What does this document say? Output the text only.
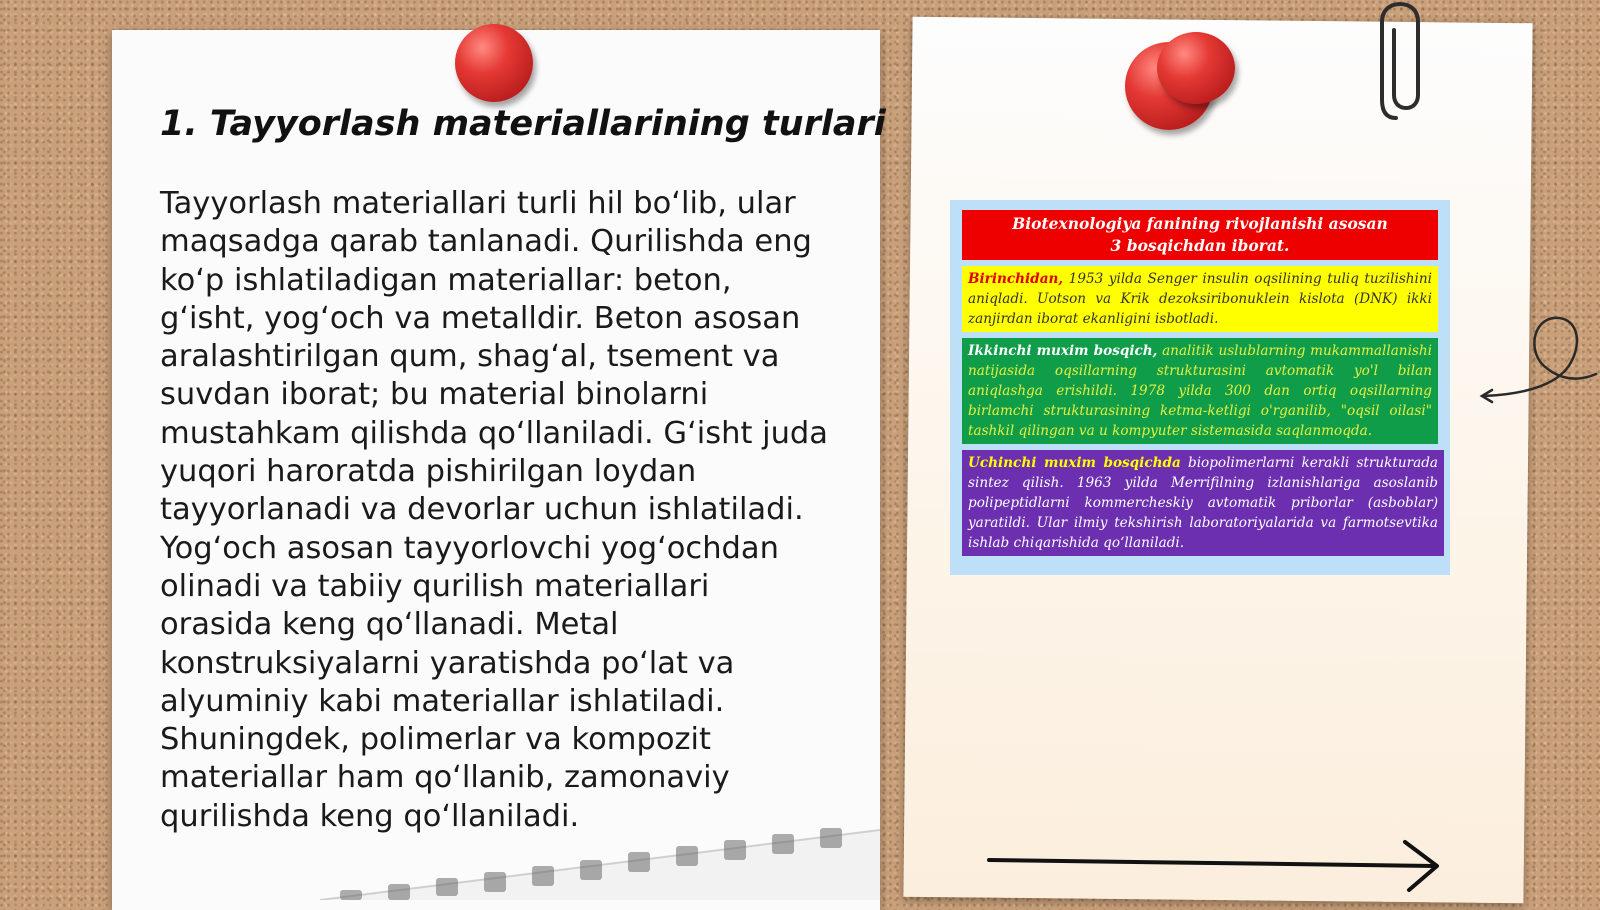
1. Tayyorlash materiallarining turlari

Tayyorlash materiallari turli hil bo‘lib, ular maqsadga qarab tanlanadi. Qurilishda eng ko‘p ishlatiladigan materiallar: beton, g‘isht, yog‘och va metalldir. Beton asosan aralashtirilgan qum, shag‘al, tsement va suvdan iborat; bu material binolarni mustahkam qilishda qo‘llaniladi. G‘isht juda yuqori haroratda pishirilgan loydan tayyorlanadi va devorlar uchun ishlatiladi. Yog‘och asosan tayyorlovchi yog‘ochdan olinadi va tabiiy qurilish materiallari orasida keng qo‘llanadi. Metal konstruksiyalarni yaratishda po‘lat va alyuminiy kabi materiallar ishlatiladi. Shuningdek, polimerlar va kompozit materiallar ham qo‘llanib, zamonaviy qurilishda keng qo‘llaniladi.

Biotexnologiya fanining rivojlanishi asosan
3 bosqichdan iborat.
Birinchidan, 1953 yilda Senger insulin oqsilining tuliq tuzilishini aniqladi. Uotson va Krik dezoksiribonuklein kislota (DNK) ikki zanjirdan iborat ekanligini isbotladi.
Ikkinchi muxim bosqich, analitik uslublarning mukammallanishi natijasida oqsillarning strukturasini avtomatik yo'l bilan aniqlashga erishildi. 1978 yilda 300 dan ortiq oqsillarning birlamchi strukturasining ketma-ketligi o'rganilib, "oqsil oilasi" tashkil qilingan va u kompyuter sistemasida saqlanmoqda.
Uchinchi muxim bosqichda biopolimerlarni kerakli strukturada sintez qilish. 1963 yilda Merrifilning izlanishlariga asoslanib polipeptidlarni kommercheskiy avtomatik priborlar (asboblar) yaratildi. Ular ilmiy tekshirish laboratoriyalarida va farmotsevtika ishlab chiqarishida qo‘llaniladi.
